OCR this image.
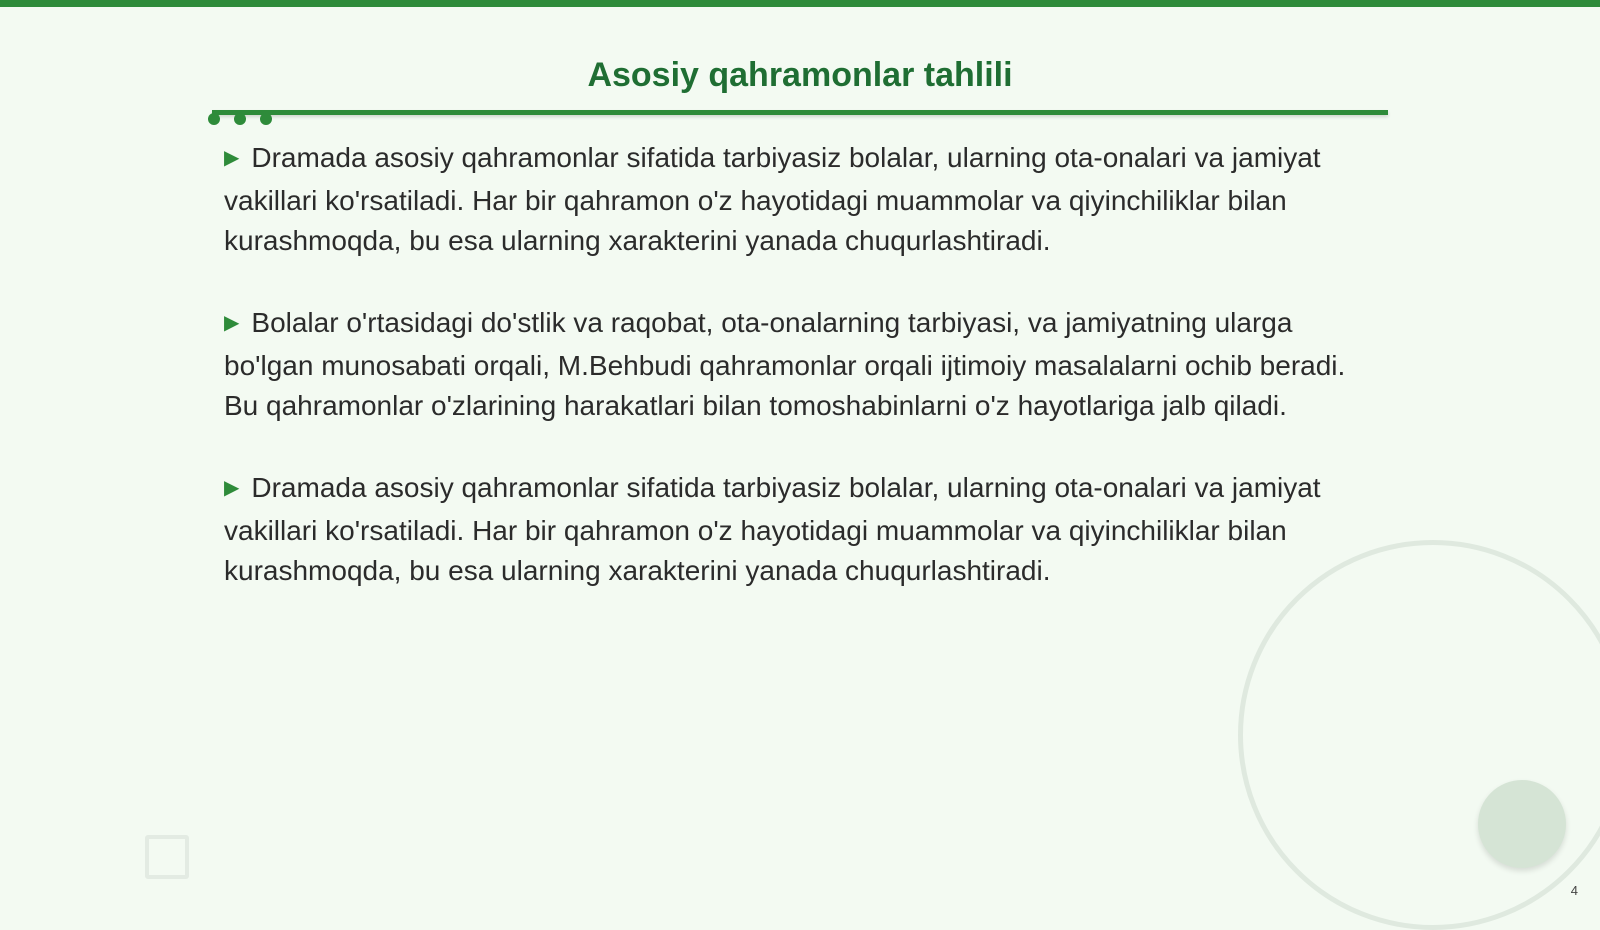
Asosiy qahramonlar tahlili

▶ Dramada asosiy qahramonlar sifatida tarbiyasiz bolalar, ularning ota-onalari va jamiyat vakillari ko'rsatiladi. Har bir qahramon o'z hayotidagi muammolar va qiyinchiliklar bilan kurashmoqda, bu esa ularning xarakterini yanada chuqurlashtiradi.

▶ Bolalar o'rtasidagi do'stlik va raqobat, ota-onalarning tarbiyasi, va jamiyatning ularga bo'lgan munosabati orqali, M.Behbudi qahramonlar orqali ijtimoiy masalalarni ochib beradi. Bu qahramonlar o'zlarining harakatlari bilan tomoshabinlarni o'z hayotlariga jalb qiladi.

▶ Dramada asosiy qahramonlar sifatida tarbiyasiz bolalar, ularning ota-onalari va jamiyat vakillari ko'rsatiladi. Har bir qahramon o'z hayotidagi muammolar va qiyinchiliklar bilan kurashmoqda, bu esa ularning xarakterini yanada chuqurlashtiradi.

4
